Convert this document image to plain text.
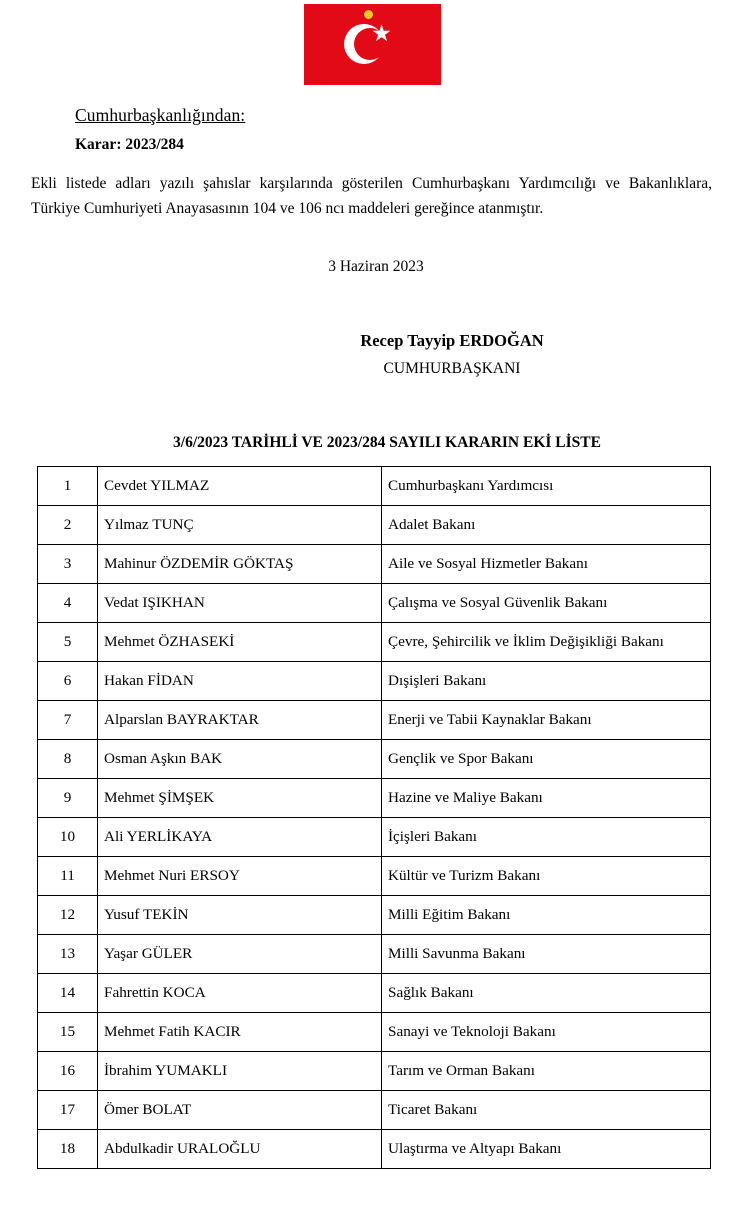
Cumhurbaşkanlığından:
Karar: 2023/284
Ekli listede adları yazılı şahıslar karşılarında gösterilen Cumhurbaşkanı Yardımcılığı ve Bakanlıklara, Türkiye Cumhuriyeti Anayasasının 104 ve 106 ncı maddeleri gereğince atanmıştır.
3 Haziran 2023
Recep Tayyip ERDOĞAN
CUMHURBAŞKANI
3/6/2023 TARİHLİ VE 2023/284 SAYILI KARARIN EKİ LİSTE
1	Cevdet YILMAZ	Cumhurbaşkanı Yardımcısı
2	Yılmaz TUNÇ	Adalet Bakanı
3	Mahinur ÖZDEMİR GÖKTAŞ	Aile ve Sosyal Hizmetler Bakanı
4	Vedat IŞIKHAN	Çalışma ve Sosyal Güvenlik Bakanı
5	Mehmet ÖZHASEKİ	Çevre, Şehircilik ve İklim Değişikliği Bakanı
6	Hakan FİDAN	Dışişleri Bakanı
7	Alparslan BAYRAKTAR	Enerji ve Tabii Kaynaklar Bakanı
8	Osman Aşkın BAK	Gençlik ve Spor Bakanı
9	Mehmet ŞİMŞEK	Hazine ve Maliye Bakanı
10	Ali YERLİKAYA	İçişleri Bakanı
11	Mehmet Nuri ERSOY	Kültür ve Turizm Bakanı
12	Yusuf TEKİN	Milli Eğitim Bakanı
13	Yaşar GÜLER	Milli Savunma Bakanı
14	Fahrettin KOCA	Sağlık Bakanı
15	Mehmet Fatih KACIR	Sanayi ve Teknoloji Bakanı
16	İbrahim YUMAKLI	Tarım ve Orman Bakanı
17	Ömer BOLAT	Ticaret Bakanı
18	Abdulkadir URALOĞLU	Ulaştırma ve Altyapı Bakanı
